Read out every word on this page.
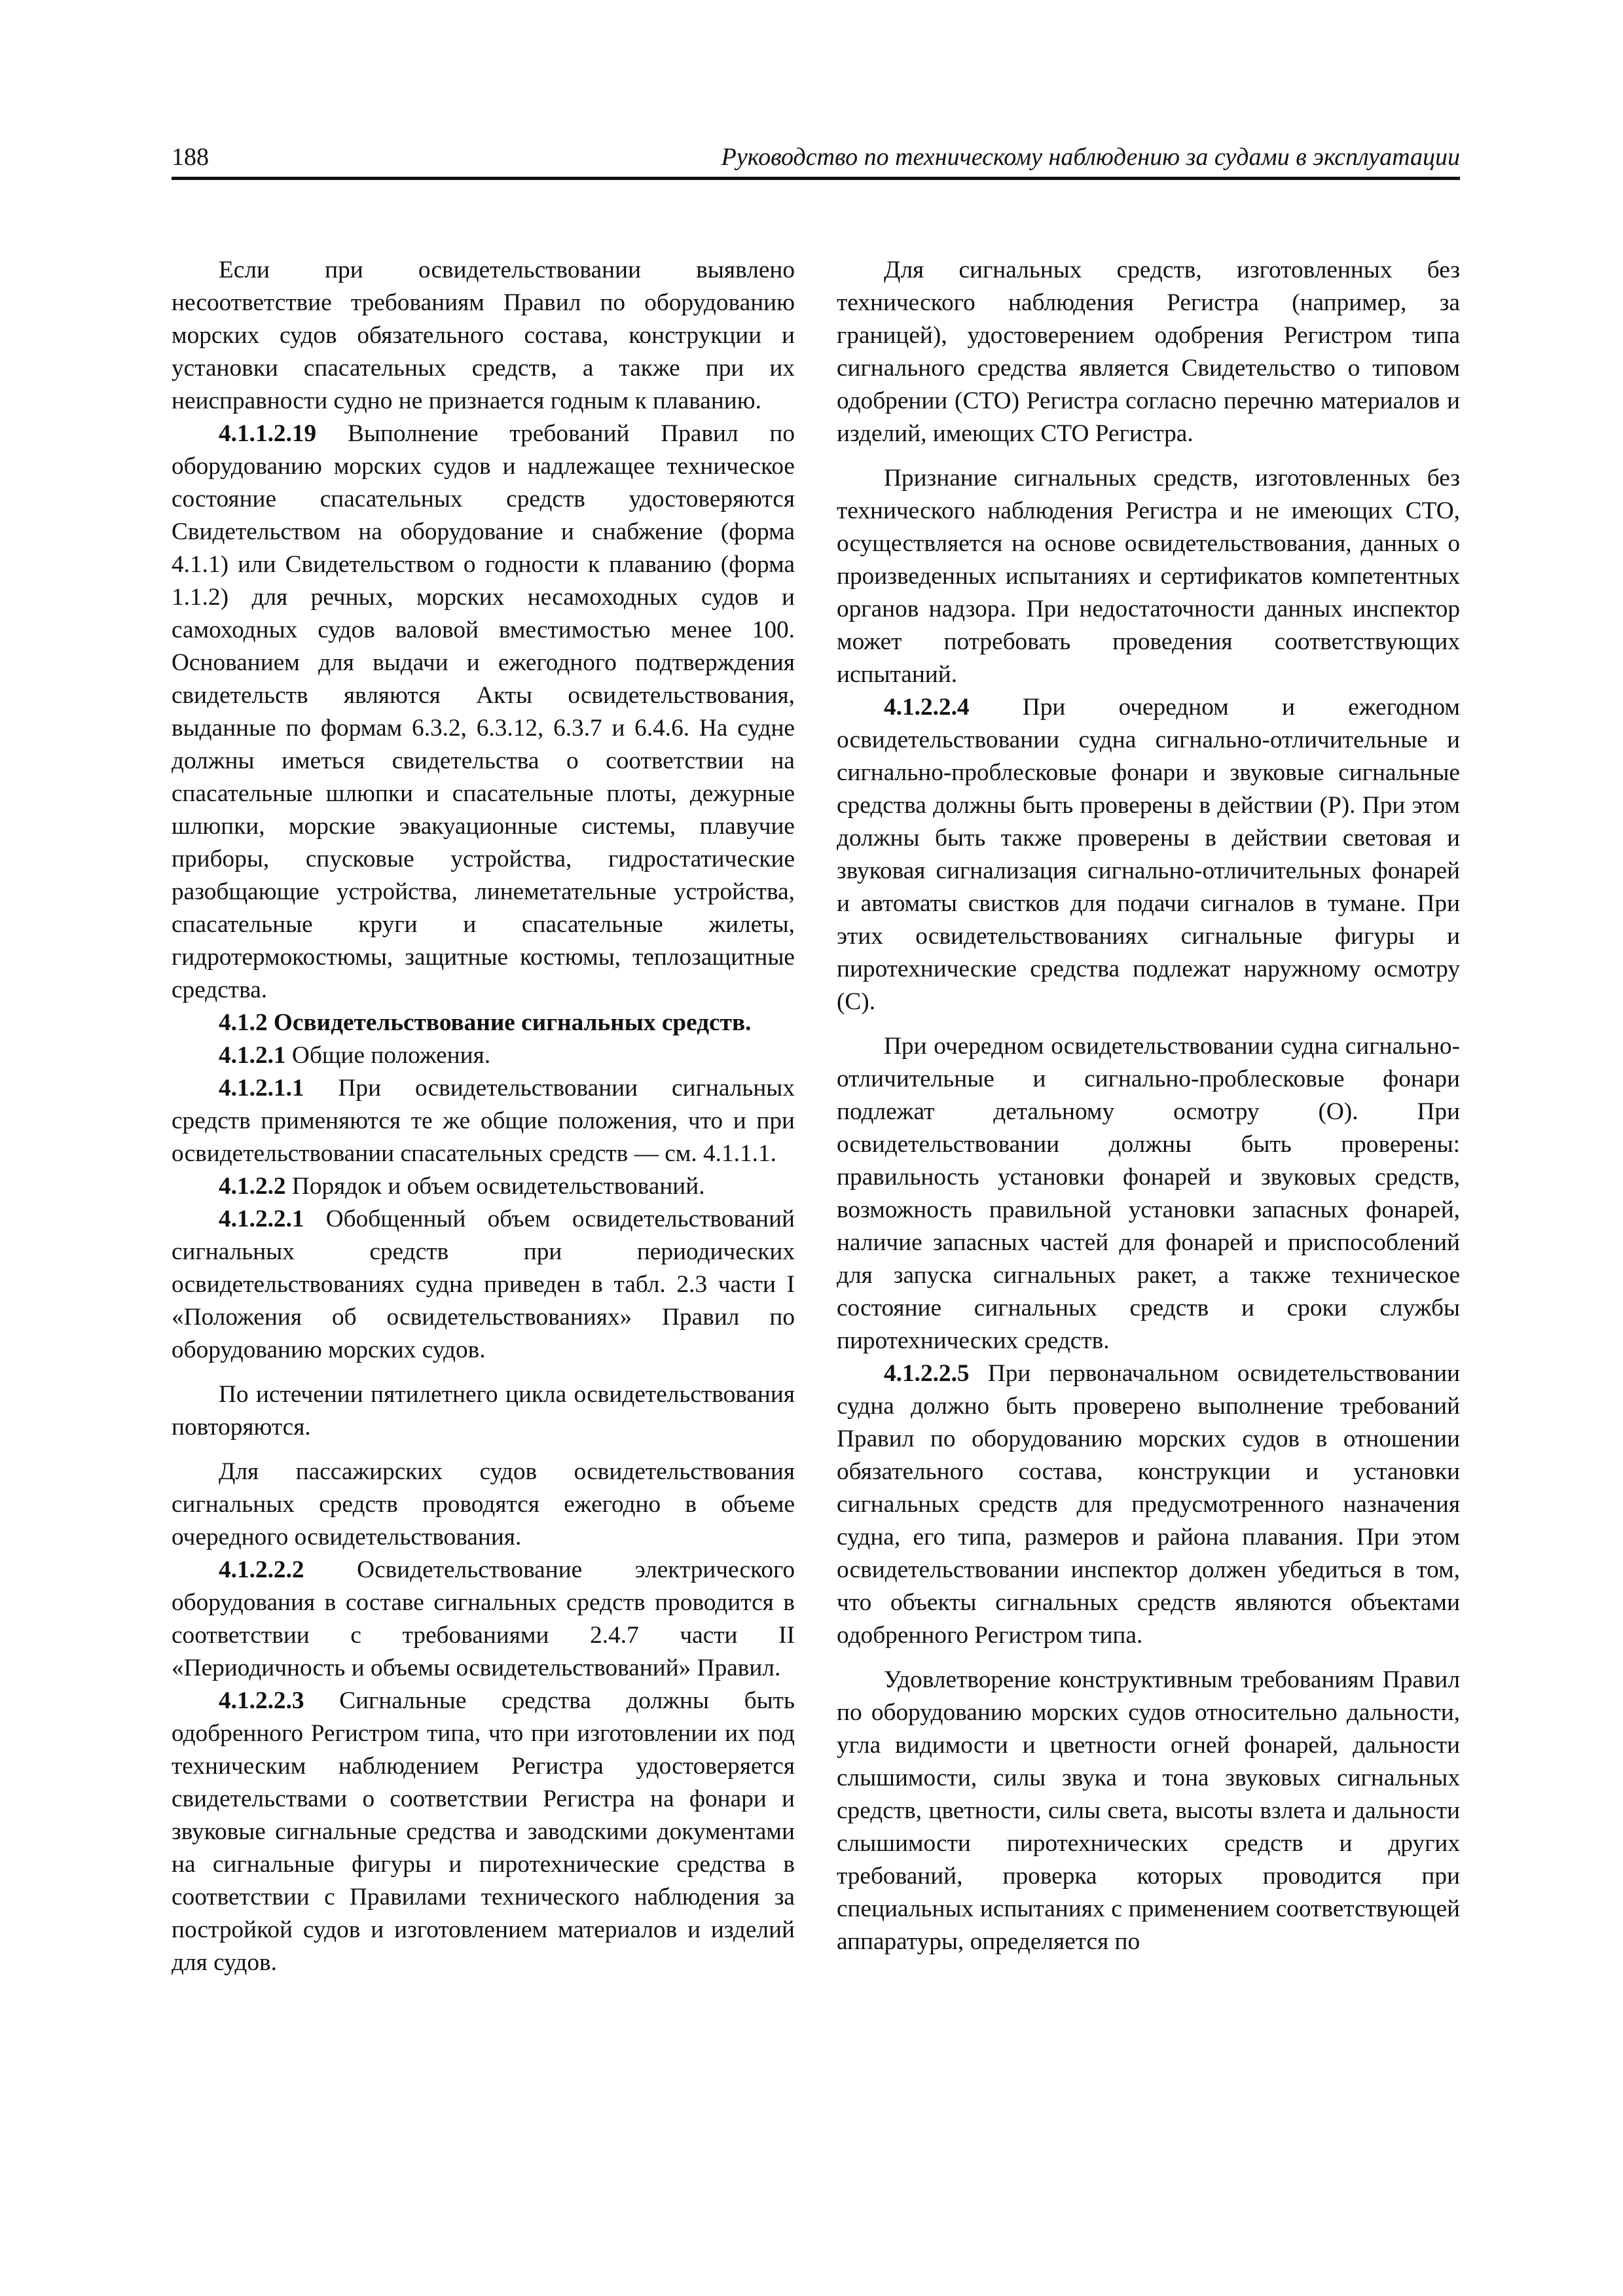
188	Руководство по техническому наблюдению за судами в эксплуатации

Если при освидетельствовании выявлено несоответствие требованиям Правил по оборудованию морских судов обязательного состава, конструкции и установки спасательных средств, а также при их неисправности судно не признается годным к плаванию.

4.1.1.2.19 Выполнение требований Правил по оборудованию морских судов и надлежащее техническое состояние спасательных средств удостоверяются Свидетельством на оборудование и снабжение (форма 4.1.1) или Свидетельством о годности к плаванию (форма 1.1.2) для речных, морских несамоходных судов и самоходных судов валовой вместимостью менее 100. Основанием для выдачи и ежегодного подтверждения свидетельств являются Акты освидетельствования, выданные по формам 6.3.2, 6.3.12, 6.3.7 и 6.4.6. На судне должны иметься свидетельства о соответствии на спасательные шлюпки и спасательные плоты, дежурные шлюпки, морские эвакуационные системы, плавучие приборы, спусковые устройства, гидростатические разобщающие устройства, линеметательные устройства, спасательные круги и спасательные жилеты, гидротермокостюмы, защитные костюмы, теплозащитные средства.

4.1.2 Освидетельствование сигнальных средств.

4.1.2.1 Общие положения.

4.1.2.1.1 При освидетельствовании сигнальных средств применяются те же общие положения, что и при освидетельствовании спасательных средств — см. 4.1.1.1.

4.1.2.2 Порядок и объем освидетельствований.

4.1.2.2.1 Обобщенный объем освидетельствований сигнальных средств при периодических освидетельствованиях судна приведен в табл. 2.3 части I «Положения об освидетельствованиях» Правил по оборудованию морских судов.

По истечении пятилетнего цикла освидетельствования повторяются.

Для пассажирских судов освидетельствования сигнальных средств проводятся ежегодно в объеме очередного освидетельствования.

4.1.2.2.2 Освидетельствование электрического оборудования в составе сигнальных средств проводится в соответствии с требованиями 2.4.7 части II «Периодичность и объемы освидетельствований» Правил.

4.1.2.2.3 Сигнальные средства должны быть одобренного Регистром типа, что при изготовлении их под техническим наблюдением Регистра удостоверяется свидетельствами о соответствии Регистра на фонари и звуковые сигнальные средства и заводскими документами на сигнальные фигуры и пиротехнические средства в соответствии с Правилами технического наблюдения за постройкой судов и изготовлением материалов и изделий для судов.

Для сигнальных средств, изготовленных без технического наблюдения Регистра (например, за границей), удостоверением одобрения Регистром типа сигнального средства является Свидетельство о типовом одобрении (СТО) Регистра согласно перечню материалов и изделий, имеющих СТО Регистра.

Признание сигнальных средств, изготовленных без технического наблюдения Регистра и не имеющих СТО, осуществляется на основе освидетельствования, данных о произведенных испытаниях и сертификатов компетентных органов надзора. При недостаточности данных инспектор может потребовать проведения соответствующих испытаний.

4.1.2.2.4 При очередном и ежегодном освидетельствовании судна сигнально-отличительные и сигнально-проблесковые фонари и звуковые сигнальные средства должны быть проверены в действии (Р). При этом должны быть также проверены в действии световая и звуковая сигнализация сигнально-отличительных фонарей и автоматы свистков для подачи сигналов в тумане. При этих освидетельствованиях сигнальные фигуры и пиротехнические средства подлежат наружному осмотру (С).

При очередном освидетельствовании судна сигнально-отличительные и сигнально-проблесковые фонари подлежат детальному осмотру (О). При освидетельствовании должны быть проверены: правильность установки фонарей и звуковых средств, возможность правильной установки запасных фонарей, наличие запасных частей для фонарей и приспособлений для запуска сигнальных ракет, а также техническое состояние сигнальных средств и сроки службы пиротехнических средств.

4.1.2.2.5 При первоначальном освидетельствовании судна должно быть проверено выполнение требований Правил по оборудованию морских судов в отношении обязательного состава, конструкции и установки сигнальных средств для предусмотренного назначения судна, его типа, размеров и района плавания. При этом освидетельствовании инспектор должен убедиться в том, что объекты сигнальных средств являются объектами одобренного Регистром типа.

Удовлетворение конструктивным требованиям Правил по оборудованию морских судов относительно дальности, угла видимости и цветности огней фонарей, дальности слышимости, силы звука и тона звуковых сигнальных средств, цветности, силы света, высоты взлета и дальности слышимости пиротехнических средств и других требований, проверка которых проводится при специальных испытаниях с применением соответствующей аппаратуры, определяется по
